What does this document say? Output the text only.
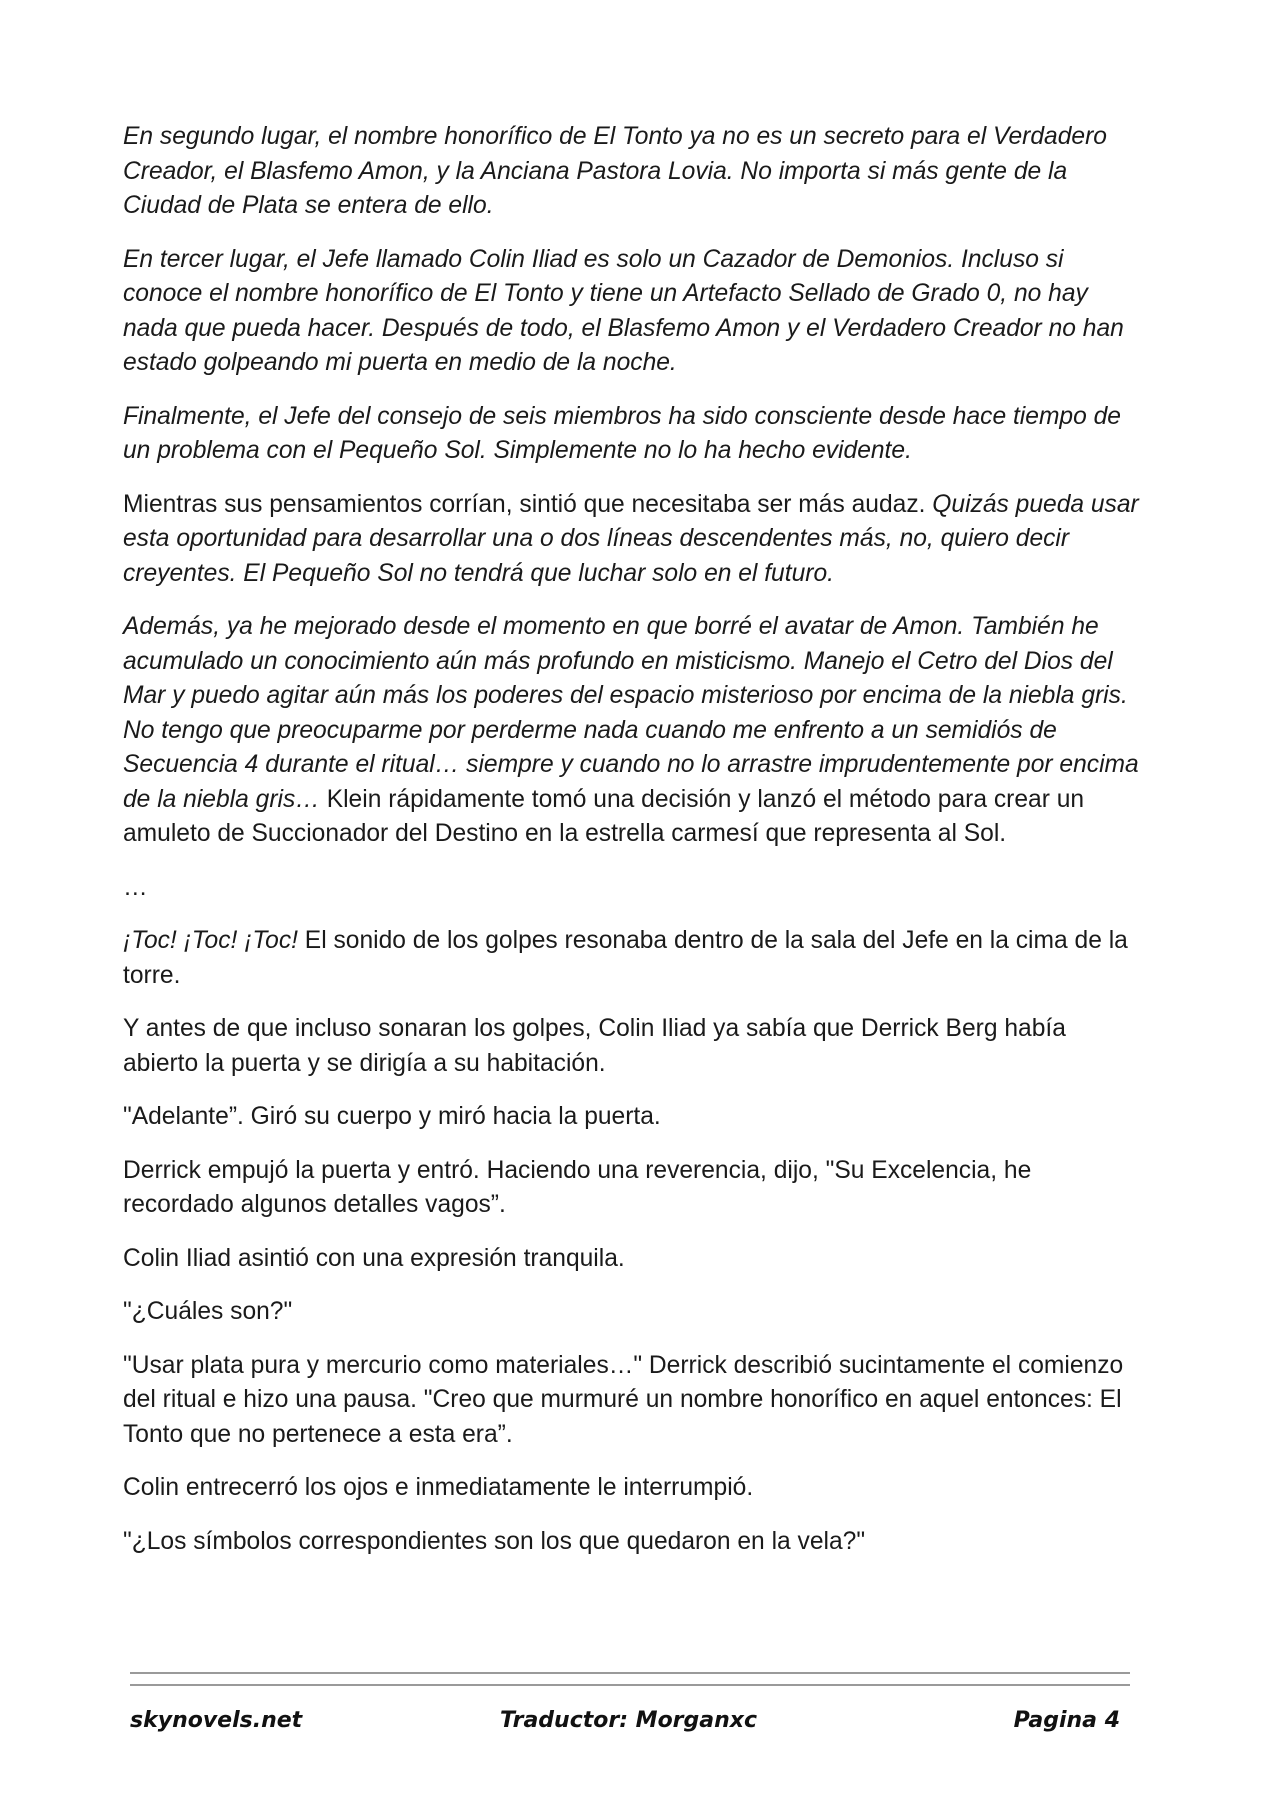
En segundo lugar, el nombre honorífico de El Tonto ya no es un secreto para el Verdadero Creador, el Blasfemo Amon, y la Anciana Pastora Lovia. No importa si más gente de la Ciudad de Plata se entera de ello.

En tercer lugar, el Jefe llamado Colin Iliad es solo un Cazador de Demonios. Incluso si conoce el nombre honorífico de El Tonto y tiene un Artefacto Sellado de Grado 0, no hay nada que pueda hacer. Después de todo, el Blasfemo Amon y el Verdadero Creador no han estado golpeando mi puerta en medio de la noche.

Finalmente, el Jefe del consejo de seis miembros ha sido consciente desde hace tiempo de un problema con el Pequeño Sol. Simplemente no lo ha hecho evidente.

Mientras sus pensamientos corrían, sintió que necesitaba ser más audaz. Quizás pueda usar esta oportunidad para desarrollar una o dos líneas descendentes más, no, quiero decir creyentes. El Pequeño Sol no tendrá que luchar solo en el futuro.

Además, ya he mejorado desde el momento en que borré el avatar de Amon. También he acumulado un conocimiento aún más profundo en misticismo. Manejo el Cetro del Dios del Mar y puedo agitar aún más los poderes del espacio misterioso por encima de la niebla gris. No tengo que preocuparme por perderme nada cuando me enfrento a un semidiós de Secuencia 4 durante el ritual… siempre y cuando no lo arrastre imprudentemente por encima de la niebla gris… Klein rápidamente tomó una decisión y lanzó el método para crear un amuleto de Succionador del Destino en la estrella carmesí que representa al Sol.

…

¡Toc! ¡Toc! ¡Toc! El sonido de los golpes resonaba dentro de la sala del Jefe en la cima de la torre.

Y antes de que incluso sonaran los golpes, Colin Iliad ya sabía que Derrick Berg había abierto la puerta y se dirigía a su habitación.

"Adelante”. Giró su cuerpo y miró hacia la puerta.

Derrick empujó la puerta y entró. Haciendo una reverencia, dijo, "Su Excelencia, he recordado algunos detalles vagos”.

Colin Iliad asintió con una expresión tranquila.

"¿Cuáles son?"

"Usar plata pura y mercurio como materiales…" Derrick describió sucintamente el comienzo del ritual e hizo una pausa. "Creo que murmuré un nombre honorífico en aquel entonces: El Tonto que no pertenece a esta era”.

Colin entrecerró los ojos e inmediatamente le interrumpió.

"¿Los símbolos correspondientes son los que quedaron en la vela?"

skynovels.net	Traductor: Morganxc	Pagina 4
